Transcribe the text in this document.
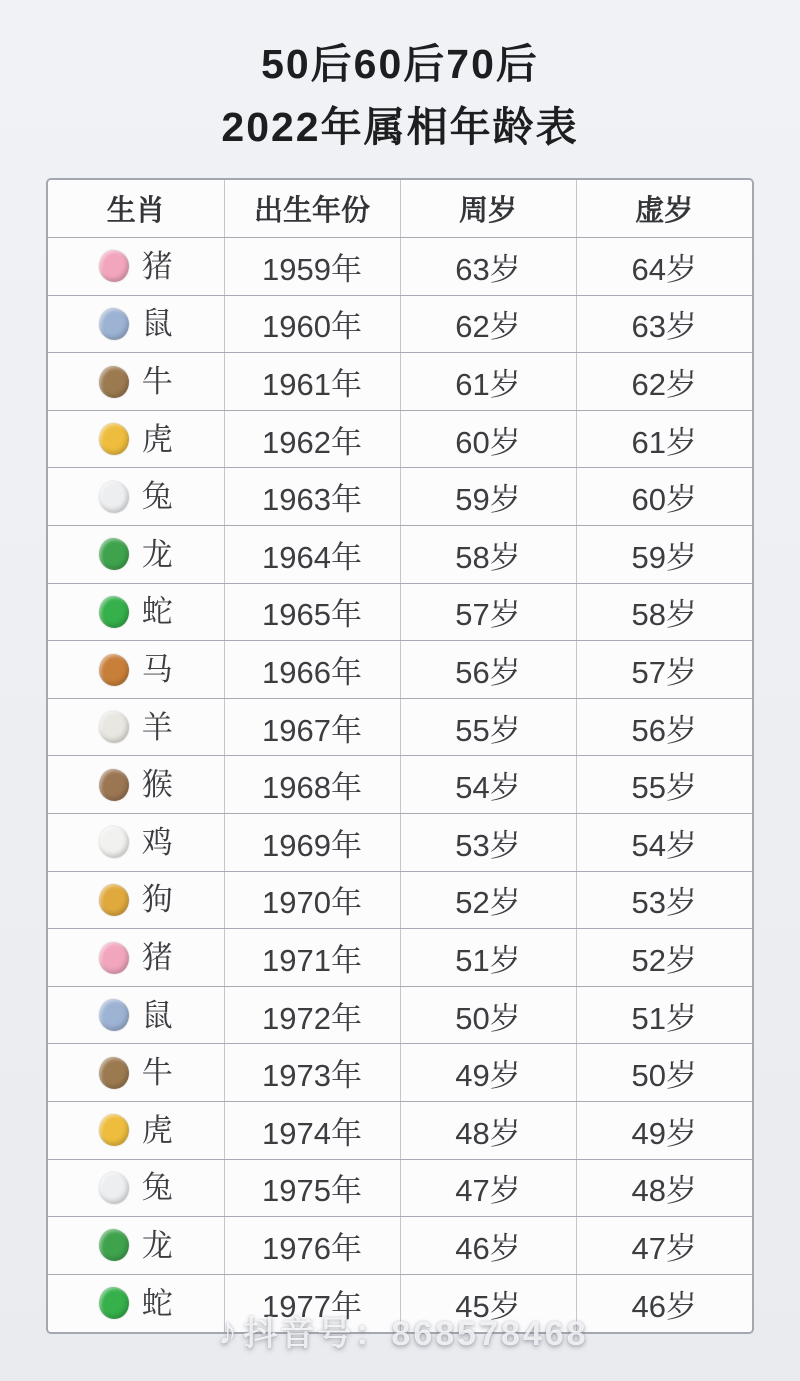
50后60后70后
2022年属相年龄表
生肖	出生年份	周岁	虚岁

猪	1959年	63岁	64岁

鼠	1960年	62岁	63岁

牛	1961年	61岁	62岁

虎	1962年	60岁	61岁

兔	1963年	59岁	60岁

龙	1964年	58岁	59岁

蛇	1965年	57岁	58岁

马	1966年	56岁	57岁

羊	1967年	55岁	56岁

猴	1968年	54岁	55岁

鸡	1969年	53岁	54岁

狗	1970年	52岁	53岁

猪	1971年	51岁	52岁

鼠	1972年	50岁	51岁

牛	1973年	49岁	50岁

虎	1974年	48岁	49岁

兔	1975年	47岁	48岁

龙	1976年	46岁	47岁

蛇	1977年	45岁	46岁
♪ 抖音号：868578468
